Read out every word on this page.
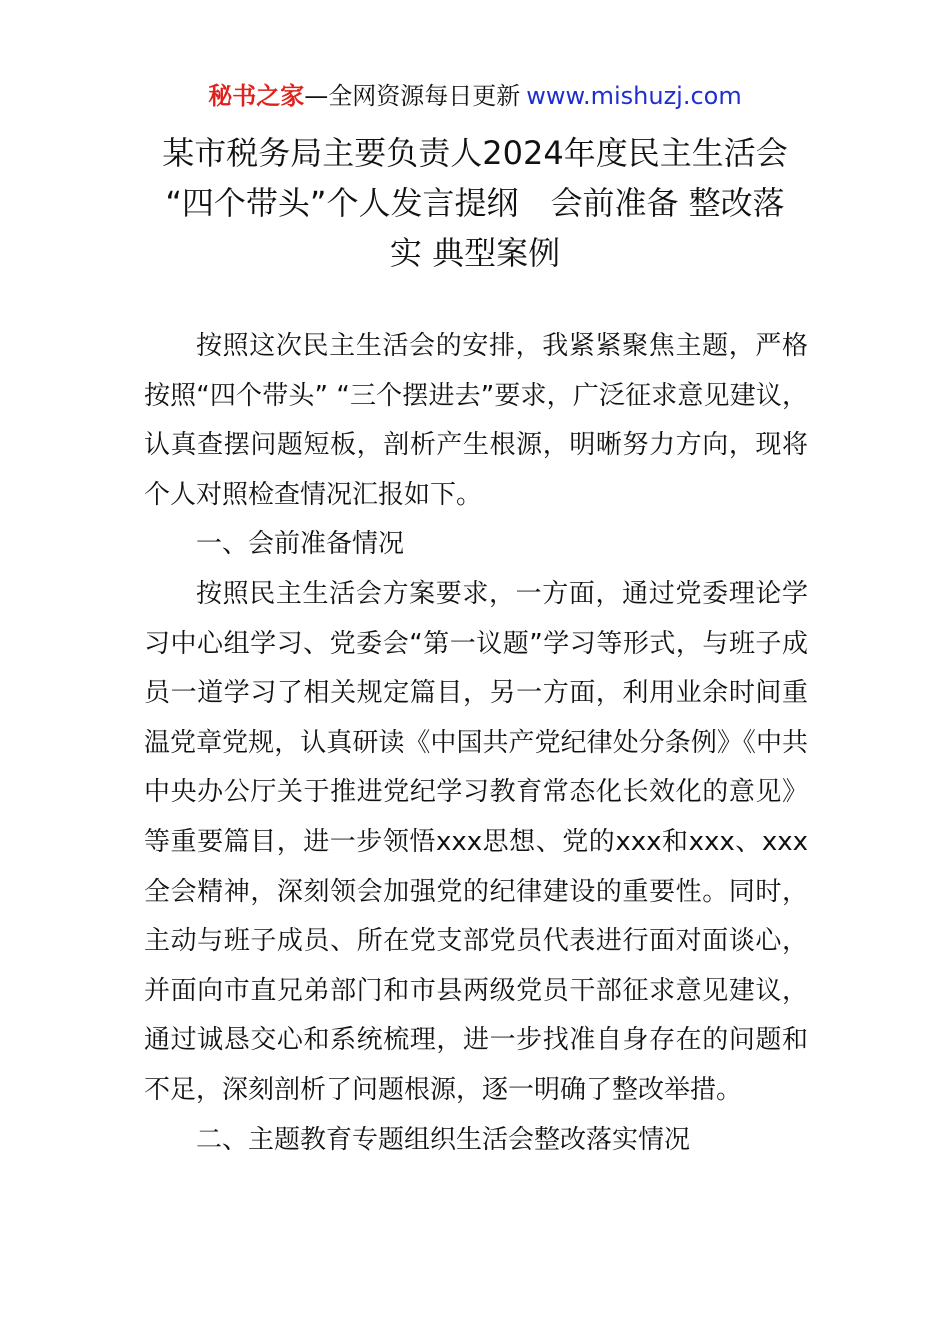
秘书之家—全网资源每日更新 www.mishuzj.com
某市税务局主要负责人2024年度民主生活会
“四个带头”个人发言提纲　会前准备 整改落
实 典型案例

按照这次民主生活会的安排，我紧紧聚焦主题，严格按照“四个带头” “三个摆进去”要求，广泛征求意见建议，认真查摆问题短板，剖析产生根源，明晰努力方向，现将个人对照检查情况汇报如下。

一、会前准备情况

按照民主生活会方案要求，一方面，通过党委理论学习中心组学习、党委会“第一议题”学习等形式，与班子成员一道学习了相关规定篇目，另一方面，利用业余时间重温党章党规，认真研读《中国共产党纪律处分条例》《中共中央办公厅关于推进党纪学习教育常态化长效化的意见》等重要篇目，进一步领悟xxx思想、党的xxx和xxx、xxx全会精神，深刻领会加强党的纪律建设的重要性。同时，主动与班子成员、所在党支部党员代表进行面对面谈心，并面向市直兄弟部门和市县两级党员干部征求意见建议，通过诚恳交心和系统梳理，进一步找准自身存在的问题和不足，深刻剖析了问题根源，逐一明确了整改举措。

二、主题教育专题组织生活会整改落实情况
